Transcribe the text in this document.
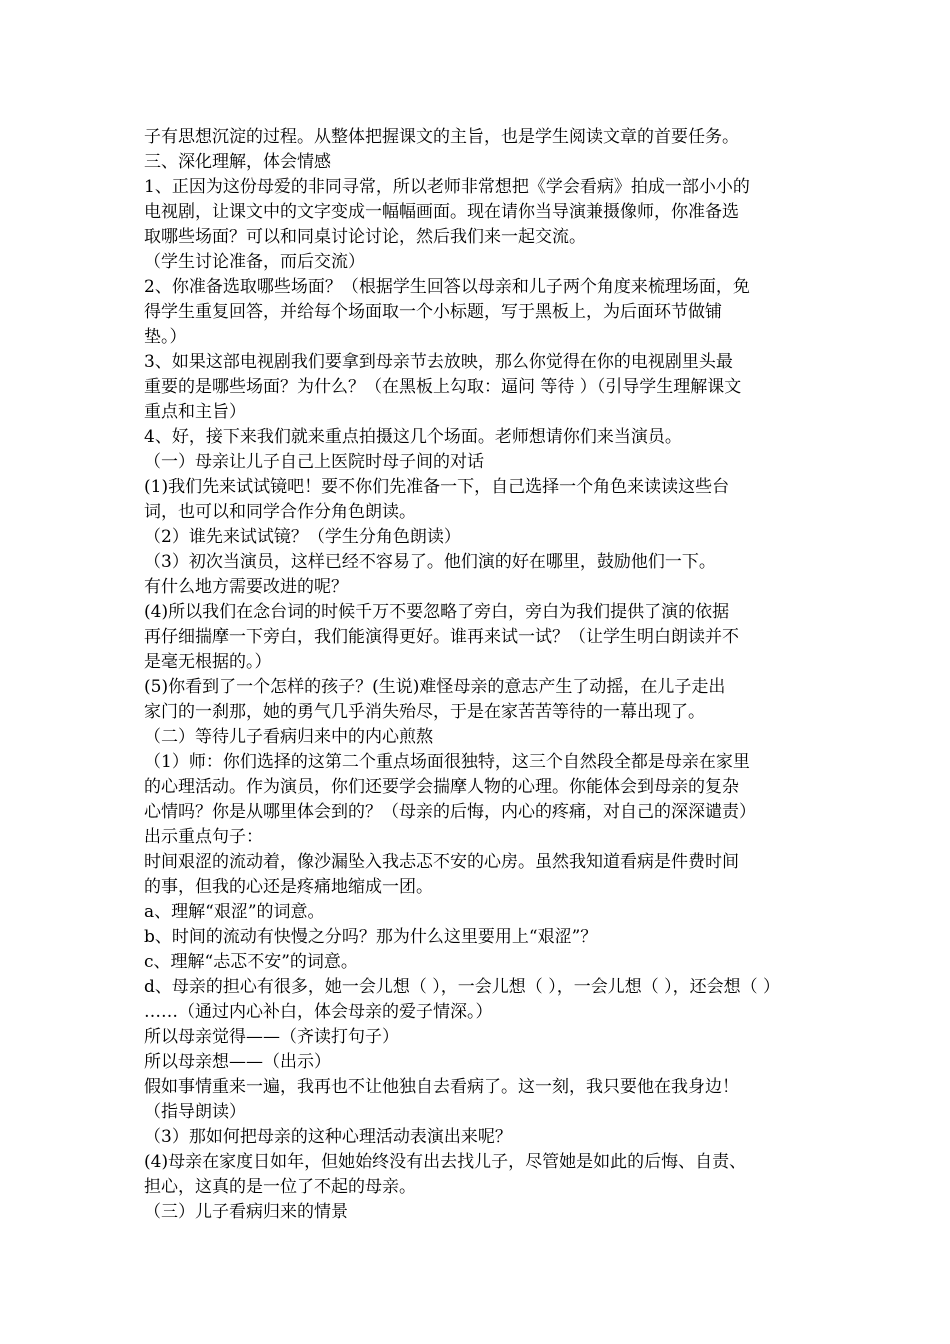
子有思想沉淀的过程。从整体把握课文的主旨，也是学生阅读文章的首要任务。

三、深化理解，体会情感

1、正因为这份母爱的非同寻常，所以老师非常想把《学会看病》拍成一部小小的

电视剧，让课文中的文字变成一幅幅画面。现在请你当导演兼摄像师，你准备选

取哪些场面？可以和同桌讨论讨论，然后我们来一起交流。

（学生讨论准备，而后交流）

2、你准备选取哪些场面？（根据学生回答以母亲和儿子两个角度来梳理场面，免

得学生重复回答，并给每个场面取一个小标题，写于黑板上，为后面环节做铺

垫。）

3、如果这部电视剧我们要拿到母亲节去放映，那么你觉得在你的电视剧里头最

重要的是哪些场面？为什么？（在黑板上勾取：逼问 等待 ）（引导学生理解课文

重点和主旨）

4、好，接下来我们就来重点拍摄这几个场面。老师想请你们来当演员。

（一）母亲让儿子自己上医院时母子间的对话

(1)我们先来试试镜吧！要不你们先准备一下，自己选择一个角色来读读这些台

词，也可以和同学合作分角色朗读。

（2）谁先来试试镜？（学生分角色朗读）

（3）初次当演员，这样已经不容易了。他们演的好在哪里，鼓励他们一下。

有什么地方需要改进的呢？

(4)所以我们在念台词的时候千万不要忽略了旁白，旁白为我们提供了演的依据

再仔细揣摩一下旁白，我们能演得更好。谁再来试一试？（让学生明白朗读并不

是毫无根据的。）

(5)你看到了一个怎样的孩子？(生说)难怪母亲的意志产生了动摇，在儿子走出

家门的一刹那，她的勇气几乎消失殆尽，于是在家苦苦等待的一幕出现了。

（二）等待儿子看病归来中的内心煎熬

（1）师：你们选择的这第二个重点场面很独特，这三个自然段全都是母亲在家里

的心理活动。作为演员，你们还要学会揣摩人物的心理。你能体会到母亲的复杂

心情吗？你是从哪里体会到的？（母亲的后悔，内心的疼痛，对自己的深深谴责）

出示重点句子：

时间艰涩的流动着，像沙漏坠入我忐忑不安的心房。虽然我知道看病是件费时间

的事，但我的心还是疼痛地缩成一团。

a、理解“艰涩”的词意。

b、时间的流动有快慢之分吗？那为什么这里要用上“艰涩”？

c、理解“忐忑不安”的词意。

d、母亲的担心有很多，她一会儿想（ ），一会儿想（ ），一会儿想（ ），还会想（ ）

……（通过内心补白，体会母亲的爱子情深。）

所以母亲觉得——（齐读打句子）

所以母亲想——（出示）

假如事情重来一遍，我再也不让他独自去看病了。这一刻，我只要他在我身边！

（指导朗读）

（3）那如何把母亲的这种心理活动表演出来呢？

(4)母亲在家度日如年，但她始终没有出去找儿子，尽管她是如此的后悔、自责、

担心，这真的是一位了不起的母亲。

（三）儿子看病归来的情景
